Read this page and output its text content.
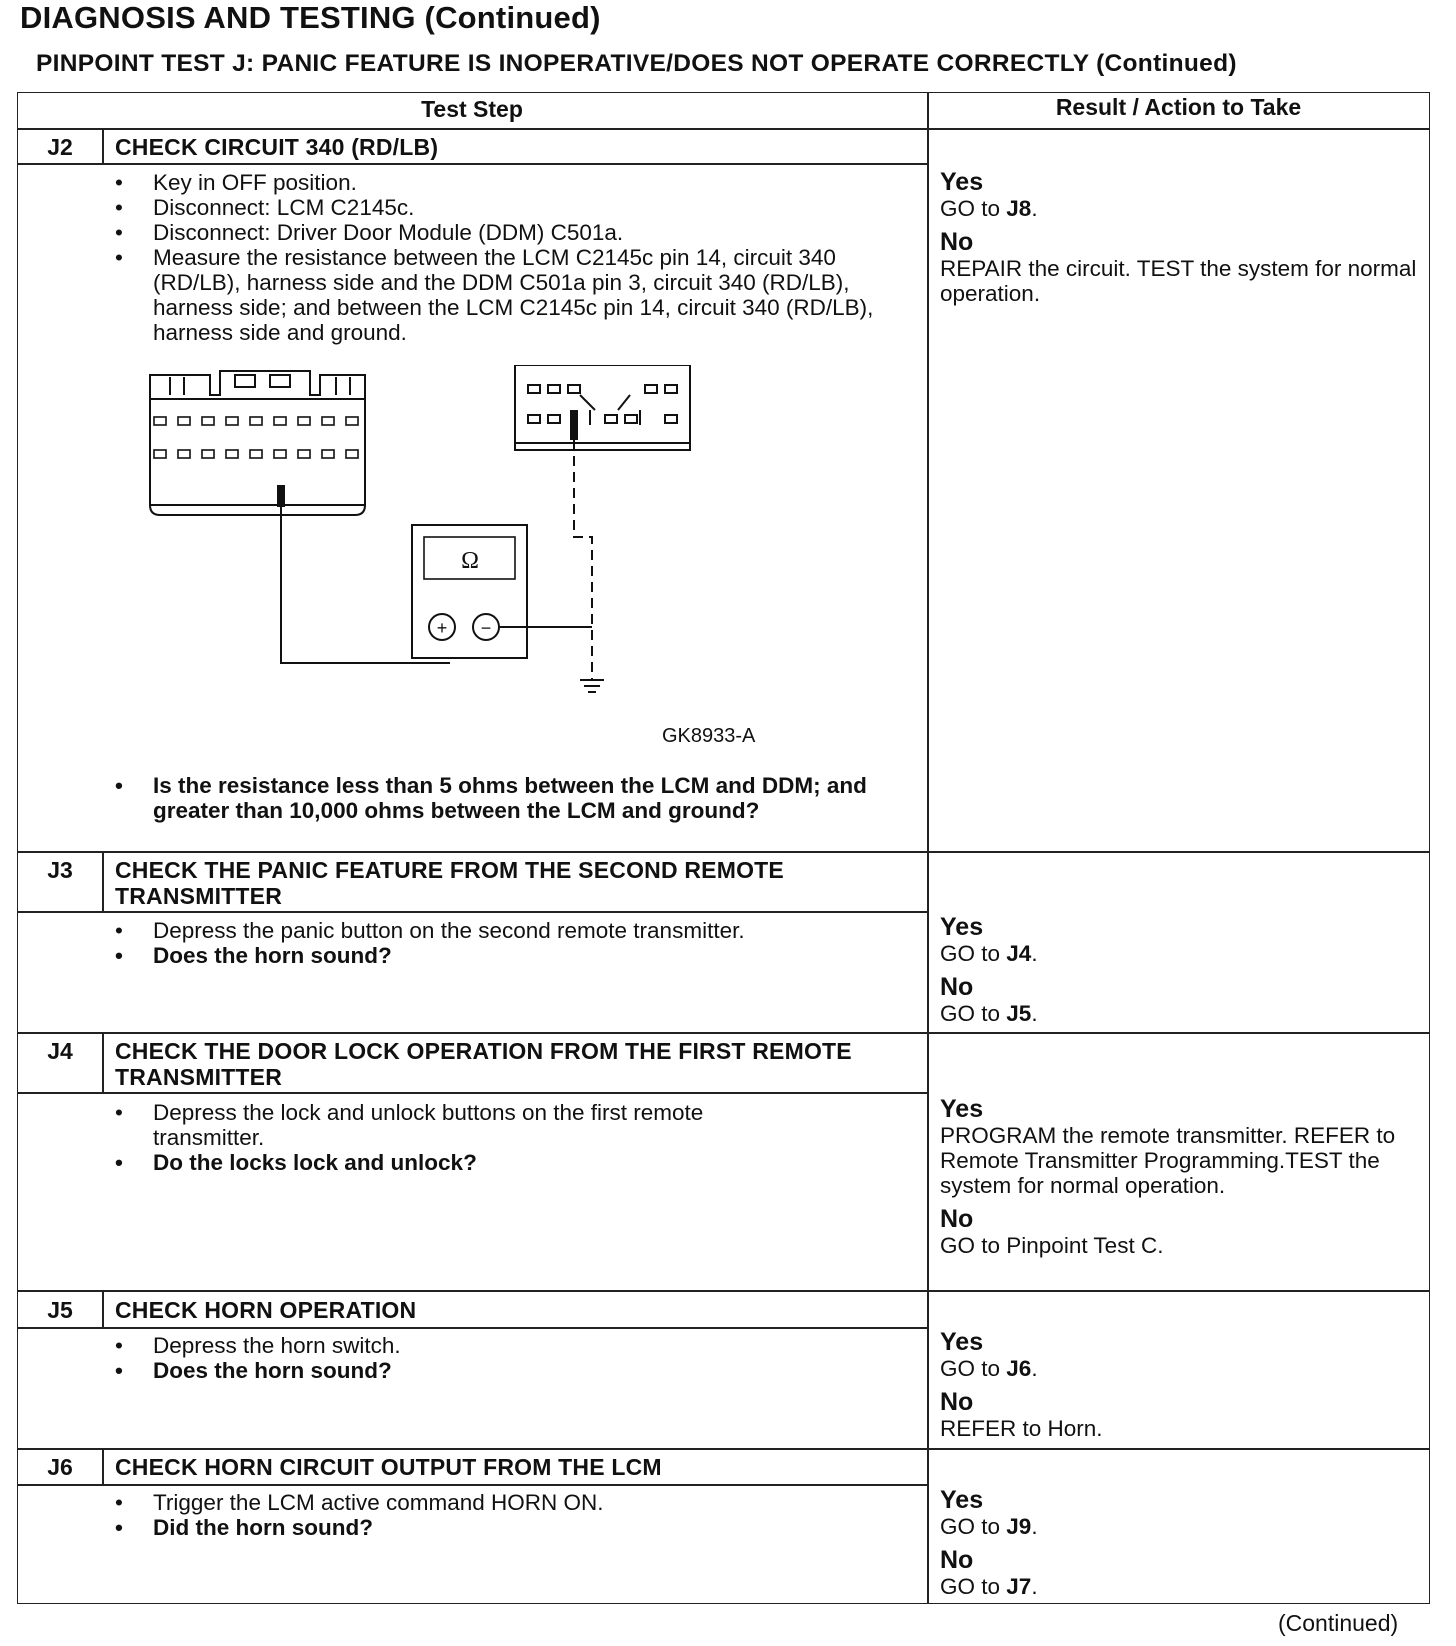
DIAGNOSIS AND TESTING (Continued)
PINPOINT TEST J: PANIC FEATURE IS INOPERATIVE/DOES NOT OPERATE CORRECTLY (Continued)
Test Step	Result / Action to Take
J2	CHECK CIRCUIT 340 (RD/LB)
•	Key in OFF position.
•	Disconnect: LCM C2145c.
•	Disconnect: Driver Door Module (DDM) C501a.
•	Measure the resistance between the LCM C2145c pin 14, circuit 340 (RD/LB), harness side and the DDM C501a pin 3, circuit 340 (RD/LB), harness side; and between the LCM C2145c pin 14, circuit 340 (RD/LB), harness side and ground.
Ω
+ −
GK8933-A
•	Is the resistance less than 5 ohms between the LCM and DDM; and greater than 10,000 ohms between the LCM and ground?
Yes
GO to J8.
No
REPAIR the circuit. TEST the system for normal operation.
J3	CHECK THE PANIC FEATURE FROM THE SECOND REMOTE TRANSMITTER
•	Depress the panic button on the second remote transmitter.
•	Does the horn sound?
Yes
GO to J4.
No
GO to J5.
J4	CHECK THE DOOR LOCK OPERATION FROM THE FIRST REMOTE TRANSMITTER
•	Depress the lock and unlock buttons on the first remote transmitter.
•	Do the locks lock and unlock?
Yes
PROGRAM the remote transmitter. REFER to Remote Transmitter Programming.TEST the system for normal operation.
No
GO to Pinpoint Test C.
J5	CHECK HORN OPERATION
•	Depress the horn switch.
•	Does the horn sound?
Yes
GO to J6.
No
REFER to Horn.
J6	CHECK HORN CIRCUIT OUTPUT FROM THE LCM
•	Trigger the LCM active command HORN ON.
•	Did the horn sound?
Yes
GO to J9.
No
GO to J7.
(Continued)
